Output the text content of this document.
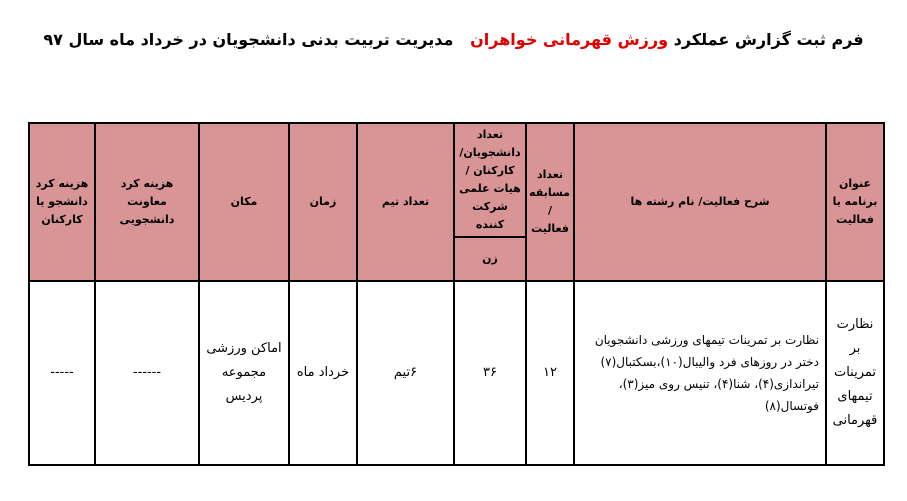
فرم ثبت گزارش عملکرد ورزش قهرمانی خواهران   مدیریت تربیت بدنی دانشجویان در خرداد ماه سال ۹۷
عنوان برنامه یا فعالیت	شرح فعالیت/ نام رشته ها	تعداد مسابقه / فعالیت	تعداد دانشجویان/ کارکنان /هیات علمی شرکت کننده	تعداد تیم	زمان	مکان	هزینه کرد معاونت دانشجویی	هزینه کرد دانشجو یا کارکنان
			زن					
نظارت بر تمرینات تیمهای قهرمانی	نظارت بر تمرینات تیمهای ورزشی دانشجویان دختر در روزهای فرد والیبال(۱۰)،بسکتبال(۷) تیراندازی(۴)، شنا(۴)، تنیس روی میز(۳)، فوتسال(۸)	۱۲	۳۶	۶تیم	خرداد ماه	اماکن ورزشی مجموعه پردیس	------	-----
